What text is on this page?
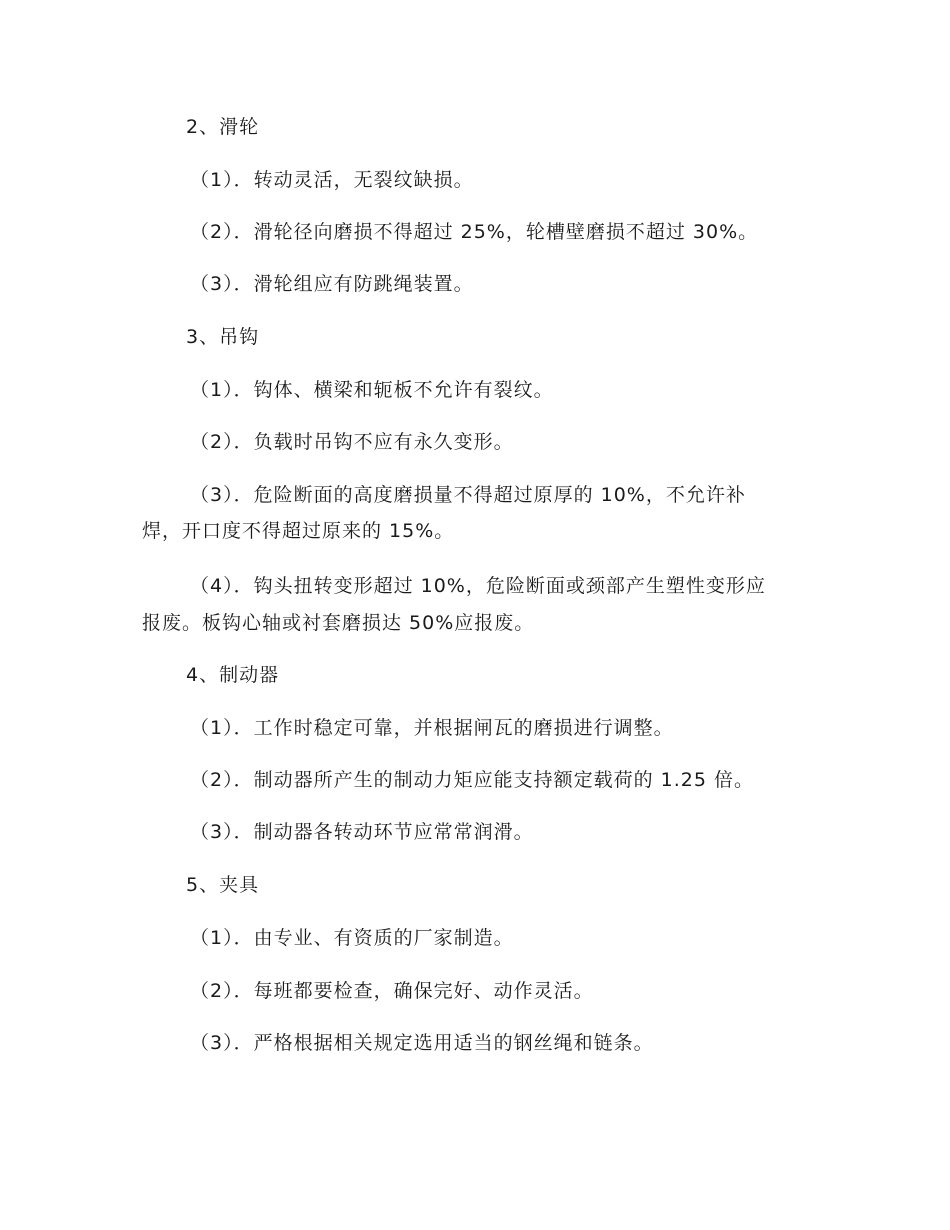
2、滑轮
（1）．转动灵活，无裂纹缺损。
（2）．滑轮径向磨损不得超过 25%，轮槽壁磨损不超过 30%。
（3）．滑轮组应有防跳绳装置。
3、吊钩
（1）．钩体、横梁和轭板不允许有裂纹。
（2）．负载时吊钩不应有永久变形。
（3）．危险断面的高度磨损量不得超过原厚的 10%，不允许补
焊，开口度不得超过原来的 15%。
（4）．钩头扭转变形超过 10%，危险断面或颈部产生塑性变形应
报废。板钩心轴或衬套磨损达 50%应报废。
4、制动器
（1）．工作时稳定可靠，并根据闸瓦的磨损进行调整。
（2）．制动器所产生的制动力矩应能支持额定载荷的 1.25 倍。
（3）．制动器各转动环节应常常润滑。
5、夹具
（1）．由专业、有资质的厂家制造。
（2）．每班都要检查，确保完好、动作灵活。
（3）．严格根据相关规定选用适当的钢丝绳和链条。
